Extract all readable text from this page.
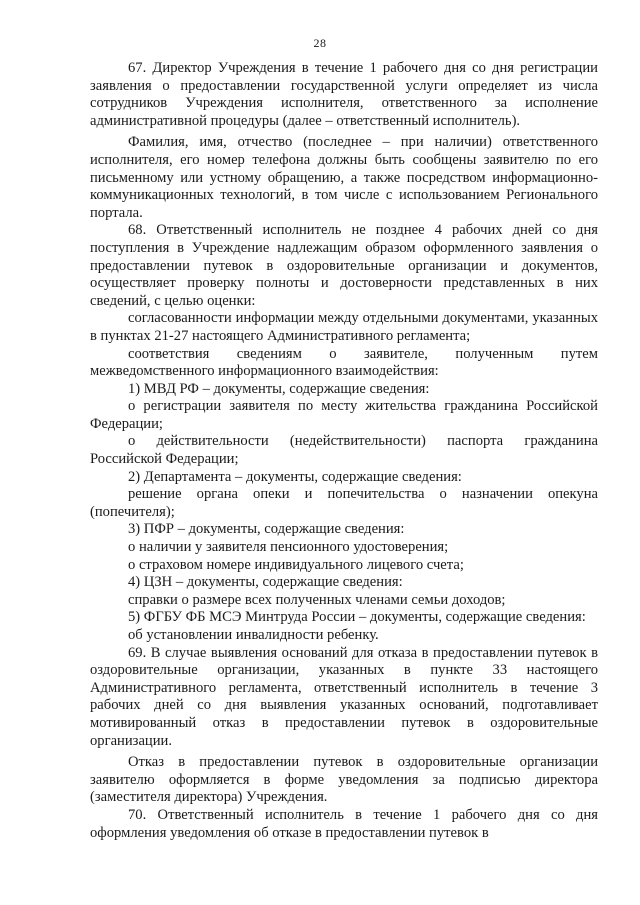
28

67. Директор Учреждения в течение 1 рабочего дня со дня регистрации заявления о предоставлении государственной услуги определяет из числа сотрудников Учреждения исполнителя, ответственного за исполнение административной процедуры (далее – ответственный исполнитель).

Фамилия, имя, отчество (последнее – при наличии) ответственного исполнителя, его номер телефона должны быть сообщены заявителю по его письменному или устному обращению, а также посредством информационно-коммуникационных технологий, в том числе с использованием Регионального портала.

68. Ответственный исполнитель не позднее 4 рабочих дней со дня поступления в Учреждение надлежащим образом оформленного заявления о предоставлении путевок в оздоровительные организации и документов, осуществляет проверку полноты и достоверности представленных в них сведений, с целью оценки:

согласованности информации между отдельными документами, указанных в пунктах 21-27 настоящего Административного регламента;

соответствия сведениям о заявителе, полученным путем межведомственного информационного взаимодействия:

1) МВД РФ – документы, содержащие сведения:

о регистрации заявителя по месту жительства гражданина Российской Федерации;

о действительности (недействительности) паспорта гражданина Российской Федерации;

2) Департамента – документы, содержащие сведения:

решение органа опеки и попечительства о назначении опекуна (попечителя);

3) ПФР – документы, содержащие сведения:

о наличии у заявителя пенсионного удостоверения;

о страховом номере индивидуального лицевого счета;

4) ЦЗН – документы, содержащие сведения:

справки о размере всех полученных членами семьи доходов;

5) ФГБУ ФБ МСЭ Минтруда России – документы, содержащие сведения:

об установлении инвалидности ребенку.

69. В случае выявления оснований для отказа в предоставлении путевок в оздоровительные организации, указанных в пункте 33 настоящего Административного регламента, ответственный исполнитель в течение 3 рабочих дней со дня выявления указанных оснований, подготавливает мотивированный отказ в предоставлении путевок в оздоровительные организации.

Отказ в предоставлении путевок в оздоровительные организации заявителю оформляется в форме уведомления за подписью директора (заместителя директора) Учреждения.

70. Ответственный исполнитель в течение 1 рабочего дня со дня оформления уведомления об отказе в предоставлении путевок в
